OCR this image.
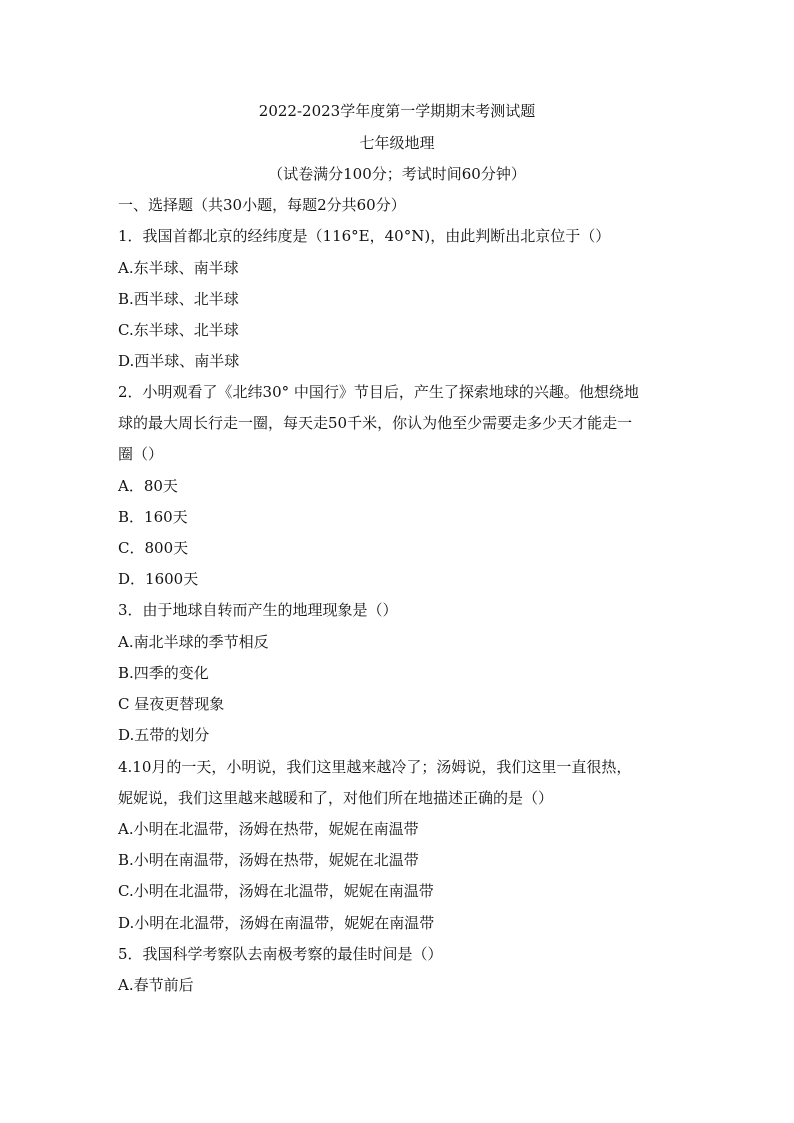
2022-2023学年度第一学期期末考测试题
七年级地理
（试卷满分100分；考试时间60分钟）
一、选择题（共30小题，每题2分共60分）
1．我国首都北京的经纬度是（116°E，40°N)，由此判断出北京位于（）
A.东半球、南半球
B.西半球、北半球
C.东半球、北半球
D.西半球、南半球
2．小明观看了《北纬30° 中国行》节目后，产生了探索地球的兴趣。他想绕地
球的最大周长行走一圈，每天走50千米，你认为他至少需要走多少天才能走一
圈（）
A．80天
B．160天
C．800天
D．1600天
3．由于地球自转而产生的地理现象是（）
A.南北半球的季节相反
B.四季的变化
C 昼夜更替现象
D.五带的划分
4.10月的一天，小明说，我们这里越来越冷了；汤姆说，我们这里一直很热，
妮妮说，我们这里越来越暖和了，对他们所在地描述正确的是（）
A.小明在北温带，汤姆在热带，妮妮在南温带
B.小明在南温带，汤姆在热带，妮妮在北温带
C.小明在北温带，汤姆在北温带，妮妮在南温带
D.小明在北温带，汤姆在南温带，妮妮在南温带
5．我国科学考察队去南极考察的最佳时间是（）
A.春节前后
